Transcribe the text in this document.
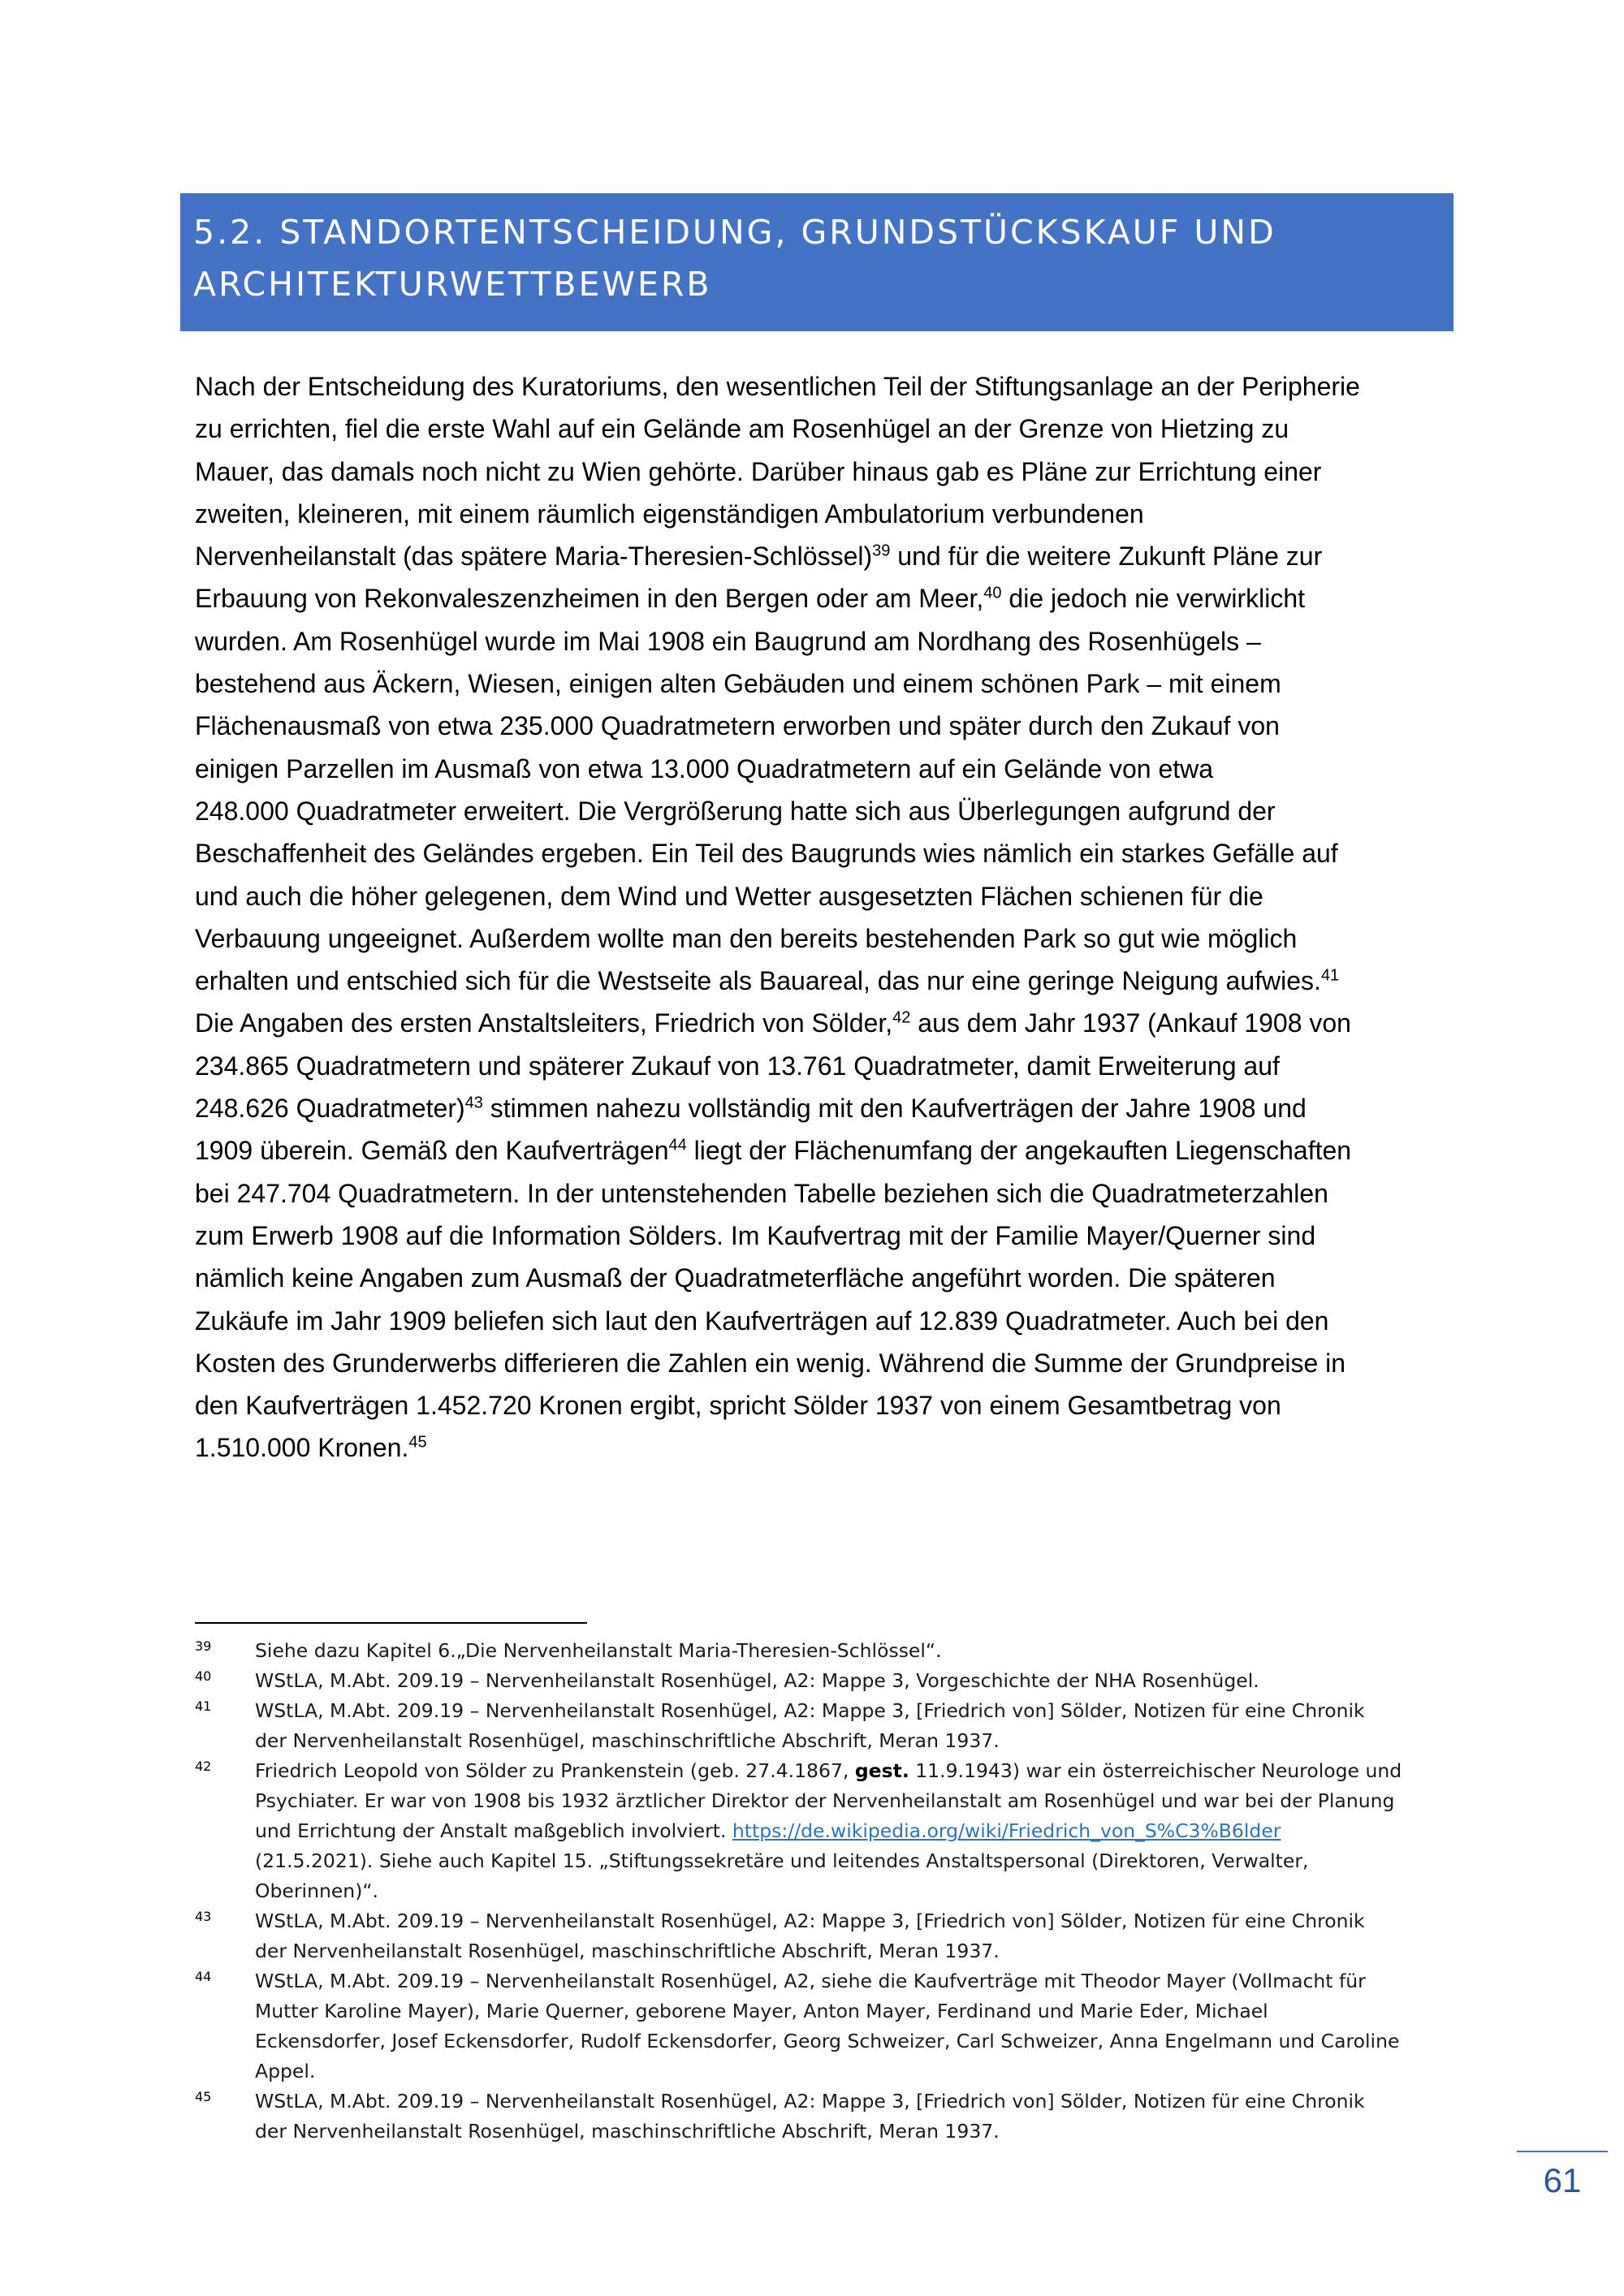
5.2. STANDORTENTSCHEIDUNG, GRUNDSTÜCKSKAUF UND
ARCHITEKTURWETTBEWERB
Nach der Entscheidung des Kuratoriums, den wesentlichen Teil der Stiftungsanlage an der Peripherie
zu errichten, fiel die erste Wahl auf ein Gelände am Rosenhügel an der Grenze von Hietzing zu
Mauer, das damals noch nicht zu Wien gehörte. Darüber hinaus gab es Pläne zur Errichtung einer
zweiten, kleineren, mit einem räumlich eigenständigen Ambulatorium verbundenen
Nervenheilanstalt (das spätere Maria-Theresien-Schlössel)$^{39}$ und für die weitere Zukunft Pläne zur
Erbauung von Rekonvaleszenzheimen in den Bergen oder am Meer,$^{40}$ die jedoch nie verwirklicht
wurden. Am Rosenhügel wurde im Mai 1908 ein Baugrund am Nordhang des Rosenhügels –
bestehend aus Äckern, Wiesen, einigen alten Gebäuden und einem schönen Park – mit einem
Flächenausmaß von etwa 235.000 Quadratmetern erworben und später durch den Zukauf von
einigen Parzellen im Ausmaß von etwa 13.000 Quadratmetern auf ein Gelände von etwa
248.000 Quadratmeter erweitert. Die Vergrößerung hatte sich aus Überlegungen aufgrund der
Beschaffenheit des Geländes ergeben. Ein Teil des Baugrunds wies nämlich ein starkes Gefälle auf
und auch die höher gelegenen, dem Wind und Wetter ausgesetzten Flächen schienen für die
Verbauung ungeeignet. Außerdem wollte man den bereits bestehenden Park so gut wie möglich
erhalten und entschied sich für die Westseite als Bauareal, das nur eine geringe Neigung aufwies.$^{41}$
Die Angaben des ersten Anstaltsleiters, Friedrich von Sölder,$^{42}$ aus dem Jahr 1937 (Ankauf 1908 von
234.865 Quadratmetern und späterer Zukauf von 13.761 Quadratmeter, damit Erweiterung auf
248.626 Quadratmeter)$^{43}$ stimmen nahezu vollständig mit den Kaufverträgen der Jahre 1908 und
1909 überein. Gemäß den Kaufverträgen$^{44}$ liegt der Flächenumfang der angekauften Liegenschaften
bei 247.704 Quadratmetern. In der untenstehenden Tabelle beziehen sich die Quadratmeterzahlen
zum Erwerb 1908 auf die Information Sölders. Im Kaufvertrag mit der Familie Mayer/Querner sind
nämlich keine Angaben zum Ausmaß der Quadratmeterfläche angeführt worden. Die späteren
Zukäufe im Jahr 1909 beliefen sich laut den Kaufverträgen auf 12.839 Quadratmeter. Auch bei den
Kosten des Grunderwerbs differieren die Zahlen ein wenig. Während die Summe der Grundpreise in
den Kaufverträgen 1.452.720 Kronen ergibt, spricht Sölder 1937 von einem Gesamtbetrag von
1.510.000 Kronen.$^{45}$
39 Siehe dazu Kapitel 6.„Die Nervenheilanstalt Maria-Theresien-Schlössel“.
40 WStLA, M.Abt. 209.19 – Nervenheilanstalt Rosenhügel, A2: Mappe 3, Vorgeschichte der NHA Rosenhügel.
41 WStLA, M.Abt. 209.19 – Nervenheilanstalt Rosenhügel, A2: Mappe 3, [Friedrich von] Sölder, Notizen für eine Chronik
der Nervenheilanstalt Rosenhügel, maschinschriftliche Abschrift, Meran 1937.
42 Friedrich Leopold von Sölder zu Prankenstein (geb. 27.4.1867, gest. 11.9.1943) war ein österreichischer Neurologe und
Psychiater. Er war von 1908 bis 1932 ärztlicher Direktor der Nervenheilanstalt am Rosenhügel und war bei der Planung
und Errichtung der Anstalt maßgeblich involviert. https://de.wikipedia.org/wiki/Friedrich_von_S%C3%B6lder
(21.5.2021). Siehe auch Kapitel 15. „Stiftungssekretäre und leitendes Anstaltspersonal (Direktoren, Verwalter,
Oberinnen)“.
43 WStLA, M.Abt. 209.19 – Nervenheilanstalt Rosenhügel, A2: Mappe 3, [Friedrich von] Sölder, Notizen für eine Chronik
der Nervenheilanstalt Rosenhügel, maschinschriftliche Abschrift, Meran 1937.
44 WStLA, M.Abt. 209.19 – Nervenheilanstalt Rosenhügel, A2, siehe die Kaufverträge mit Theodor Mayer (Vollmacht für
Mutter Karoline Mayer), Marie Querner, geborene Mayer, Anton Mayer, Ferdinand und Marie Eder, Michael
Eckensdorfer, Josef Eckensdorfer, Rudolf Eckensdorfer, Georg Schweizer, Carl Schweizer, Anna Engelmann und Caroline
Appel.
45 WStLA, M.Abt. 209.19 – Nervenheilanstalt Rosenhügel, A2: Mappe 3, [Friedrich von] Sölder, Notizen für eine Chronik
der Nervenheilanstalt Rosenhügel, maschinschriftliche Abschrift, Meran 1937.
61
